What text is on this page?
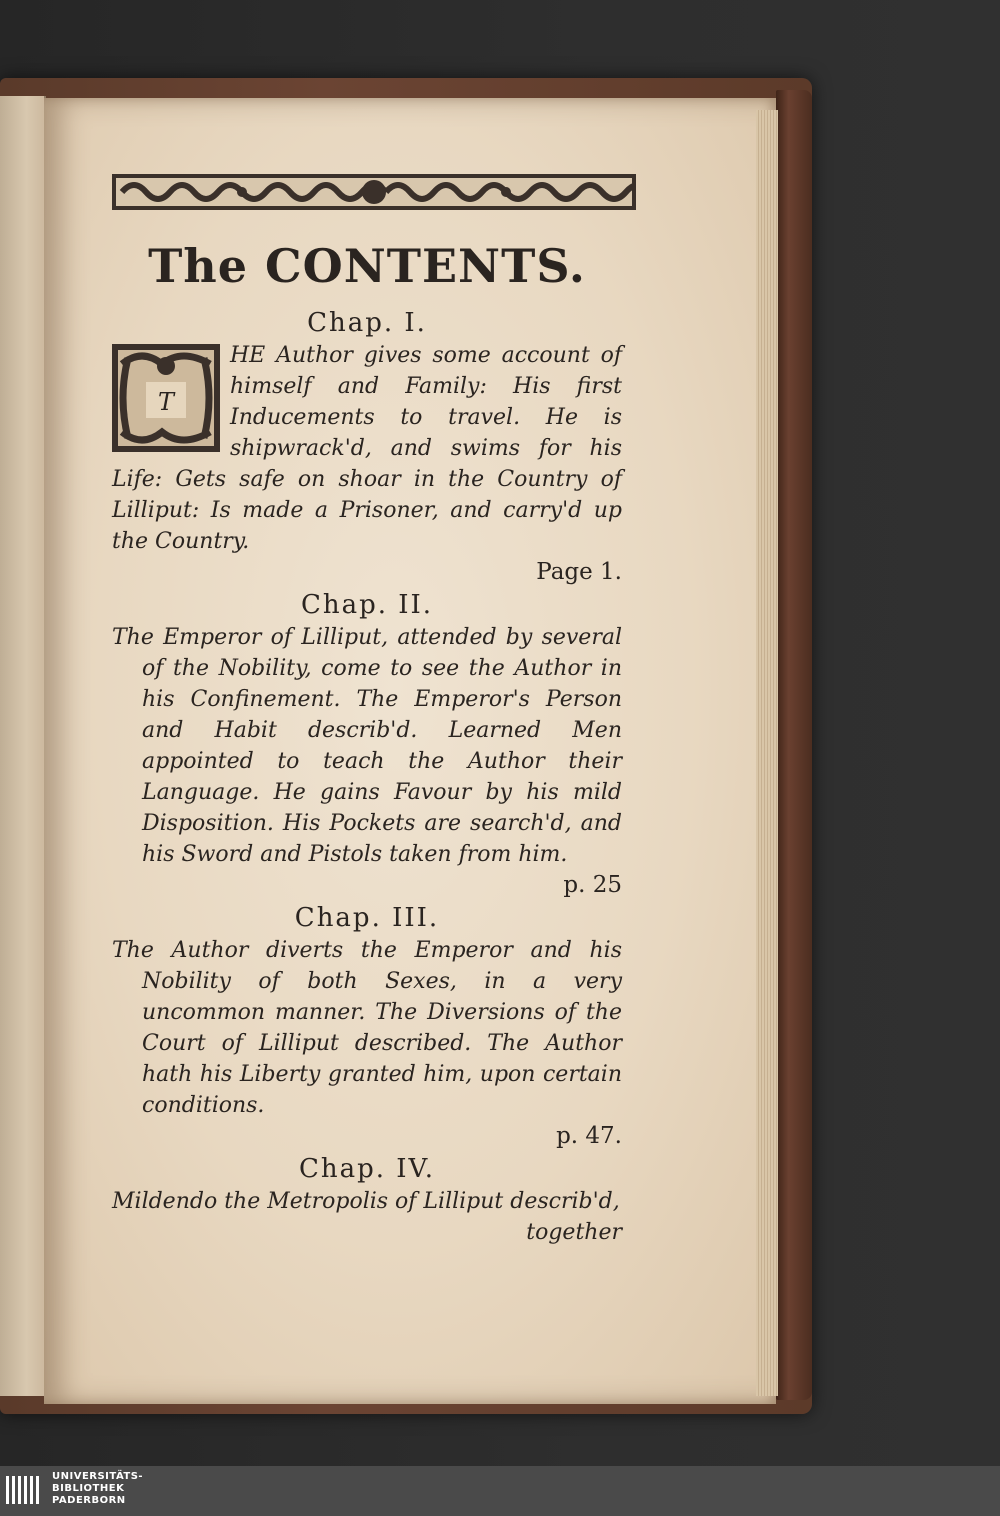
The CONTENTS.

Chap. I.

T

HE Author gives some account of himself and Family: His first Inducements to travel. He is shipwrack'd, and swims for his Life: Gets safe on shoar in the Country of Lilliput: Is made a Prisoner, and carry'd up the Country.

Page 1.

Chap. II.

The Emperor of Lilliput, attended by several of the Nobility, come to see the Author in his Confinement. The Emperor's Person and Habit describ'd. Learned Men appointed to teach the Author their Language. He gains Favour by his mild Disposition. His Pockets are search'd, and his Sword and Pistols taken from him.

p. 25

Chap. III.

The Author diverts the Emperor and his Nobility of both Sexes, in a very uncommon manner. The Diversions of the Court of Lilliput described. The Author hath his Liberty granted him, upon certain conditions.

p. 47.

Chap. IV.

Mildendo the Metropolis of Lilliput describ'd,

together

UNIVERSITÄTS-
BIBLIOTHEK
PADERBORN
